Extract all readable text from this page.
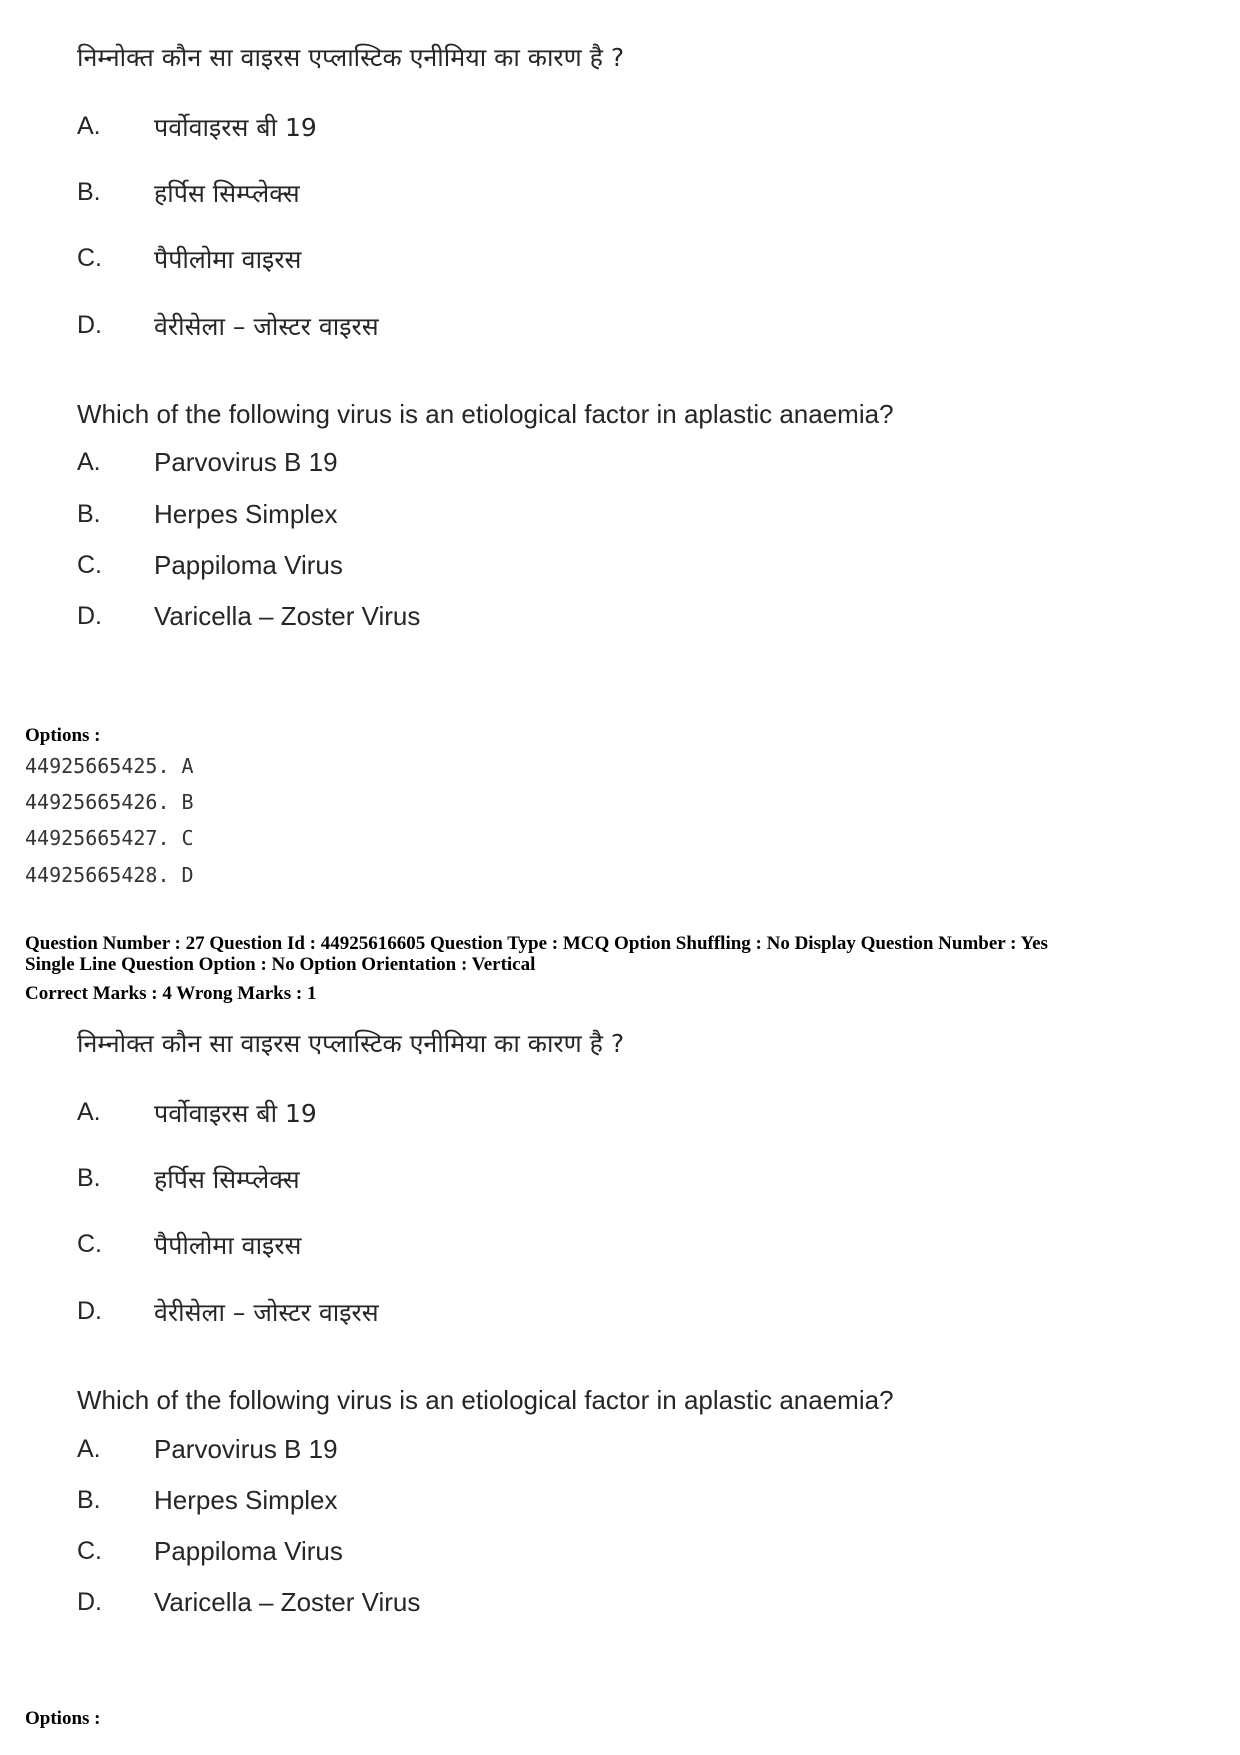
निम्नोक्त कौन सा वाइरस एप्लास्टिक एनीमिया का कारण है ?
A. पर्वोवाइरस बी 19
B. हर्पिस सिम्प्लेक्स
C. पैपीलोमा वाइरस
D. वेरीसेला – जोस्टर वाइरस
Which of the following virus is an etiological factor in aplastic anaemia?
A. Parvovirus B 19
B. Herpes Simplex
C. Pappiloma Virus
D. Varicella – Zoster Virus
Options :
44925665425. A
44925665426. B
44925665427. C
44925665428. D
Question Number : 27 Question Id : 44925616605 Question Type : MCQ Option Shuffling : No Display Question Number : Yes
Single Line Question Option : No Option Orientation : Vertical
Correct Marks : 4 Wrong Marks : 1
निम्नोक्त कौन सा वाइरस एप्लास्टिक एनीमिया का कारण है ?
A. पर्वोवाइरस बी 19
B. हर्पिस सिम्प्लेक्स
C. पैपीलोमा वाइरस
D. वेरीसेला – जोस्टर वाइरस
Which of the following virus is an etiological factor in aplastic anaemia?
A. Parvovirus B 19
B. Herpes Simplex
C. Pappiloma Virus
D. Varicella – Zoster Virus
Options :
